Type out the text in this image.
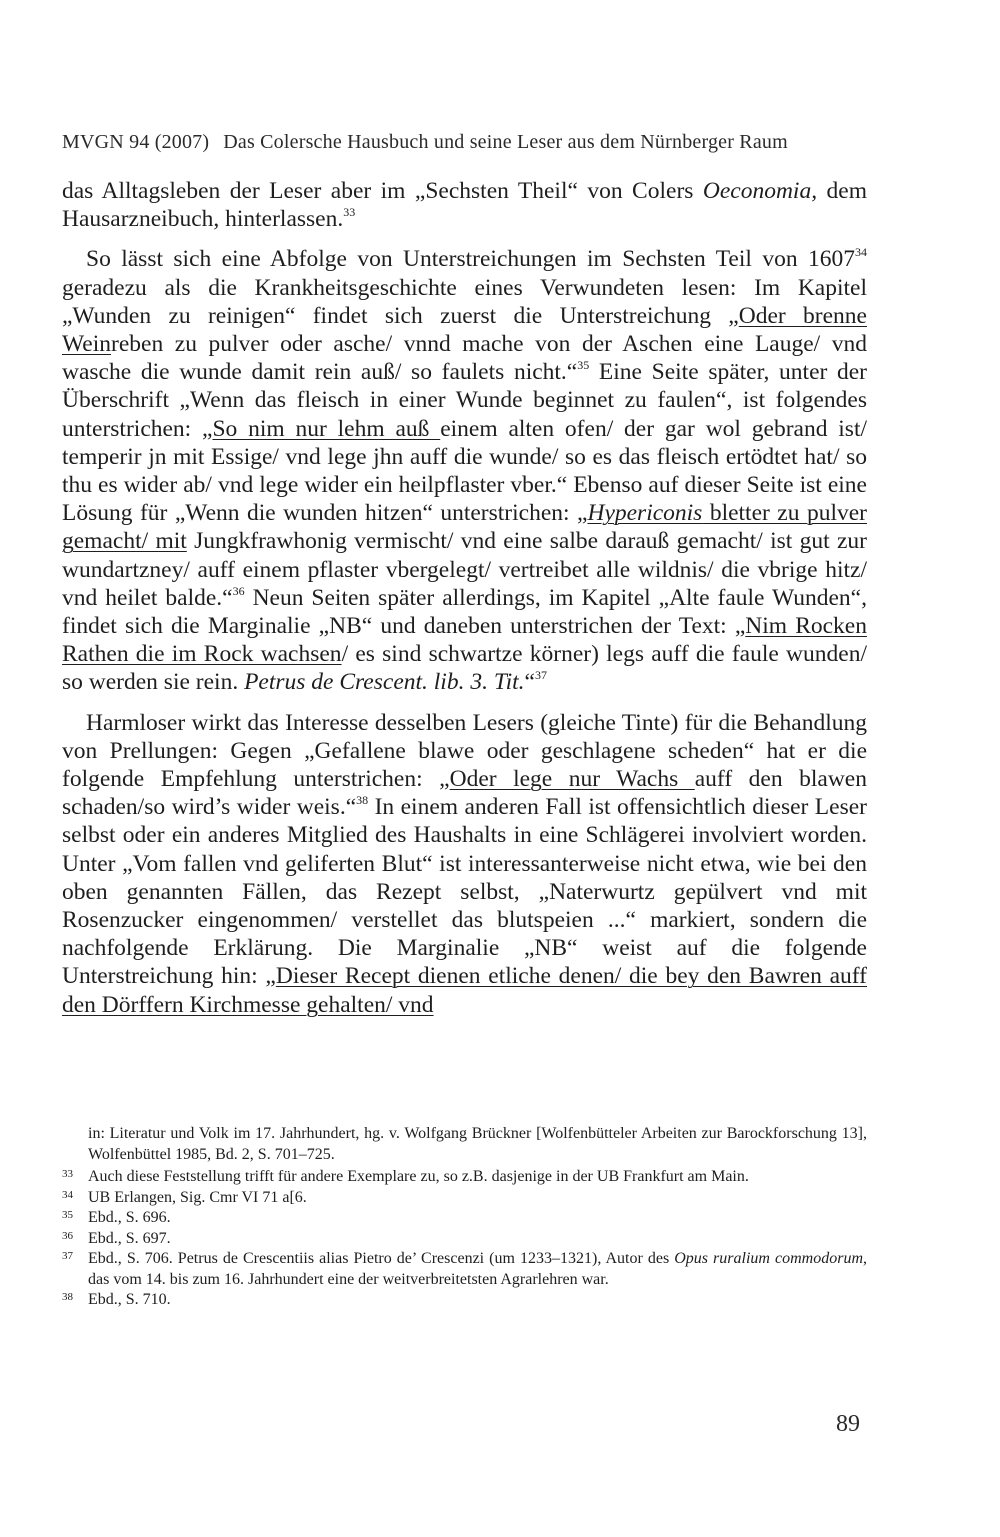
MVGN 94 (2007) Das Colersche Hausbuch und seine Leser aus dem Nürnberger Raum

das Alltagsleben der Leser aber im „Sechsten Theil“ von Colers Oeconomia, dem Hausarzneibuch, hinterlassen.$^{33}$

So lässt sich eine Abfolge von Unterstreichungen im Sechsten Teil von 1607$^{34}$ geradezu als die Krankheitsgeschichte eines Verwundeten lesen: Im Kapitel „Wunden zu reinigen“ findet sich zuerst die Unterstreichung „Oder brenne Weinreben zu pulver oder asche/ vnnd mache von der Aschen eine Lauge/ vnd wasche die wunde damit rein auß/ so faulets nicht.“$^{35}$ Eine Seite später, unter der Überschrift „Wenn das fleisch in einer Wunde beginnet zu faulen“, ist folgendes unterstrichen: „So nim nur lehm auß einem alten ofen/ der gar wol gebrand ist/ temperir jn mit Essige/ vnd lege jhn auff die wunde/ so es das fleisch ertödtet hat/ so thu es wider ab/ vnd lege wider ein heilpflaster vber.“ Ebenso auf dieser Seite ist eine Lösung für „Wenn die wunden hitzen“ unterstrichen: „Hypericonis bletter zu pulver gemacht/ mit Jungkfrawhonig vermischt/ vnd eine salbe darauß gemacht/ ist gut zur wundartzney/ auff einem pflaster vbergelegt/ vertreibet alle wildnis/ die vbrige hitz/ vnd heilet balde.“$^{36}$ Neun Seiten später allerdings, im Kapitel „Alte faule Wunden“, findet sich die Marginalie „NB“ und daneben unterstrichen der Text: „Nim Rocken Rathen die im Rock wachsen/ es sind schwartze körner) legs auff die faule wunden/ so werden sie rein. Petrus de Crescent. lib. 3. Tit.“$^{37}$

Harmloser wirkt das Interesse desselben Lesers (gleiche Tinte) für die Behandlung von Prellungen: Gegen „Gefallene blawe oder geschlagene scheden“ hat er die folgende Empfehlung unterstrichen: „Oder lege nur Wachs auff den blawen schaden/so wird’s wider weis.“$^{38}$ In einem anderen Fall ist offensichtlich dieser Leser selbst oder ein anderes Mitglied des Haushalts in eine Schlägerei involviert worden. Unter „Vom fallen vnd geliferten Blut“ ist interessanterweise nicht etwa, wie bei den oben genannten Fällen, das Rezept selbst, „Naterwurtz gepülvert vnd mit Rosenzucker eingenommen/ verstellet das blutspeien ...“ markiert, sondern die nachfolgende Erklärung. Die Marginalie „NB“ weist auf die folgende Unterstreichung hin: „Dieser Recept dienen etliche denen/ die bey den Bawren auff den Dörffern Kirchmesse gehalten/ vnd

in: Literatur und Volk im 17. Jahrhundert, hg. v. Wolfgang Brückner [Wolfenbütteler Arbeiten zur Barockforschung 13], Wolfenbüttel 1985, Bd. 2, S. 701–725.

33 Auch diese Feststellung trifft für andere Exemplare zu, so z.B. dasjenige in der UB Frankfurt am Main.

34 UB Erlangen, Sig. Cmr VI 71 a[6.

35 Ebd., S. 696.

36 Ebd., S. 697.

37 Ebd., S. 706. Petrus de Crescentiis alias Pietro de’ Crescenzi (um 1233–1321), Autor des Opus ruralium commodorum, das vom 14. bis zum 16. Jahrhundert eine der weitverbreitetsten Agrarlehren war.

38 Ebd., S. 710.

89
